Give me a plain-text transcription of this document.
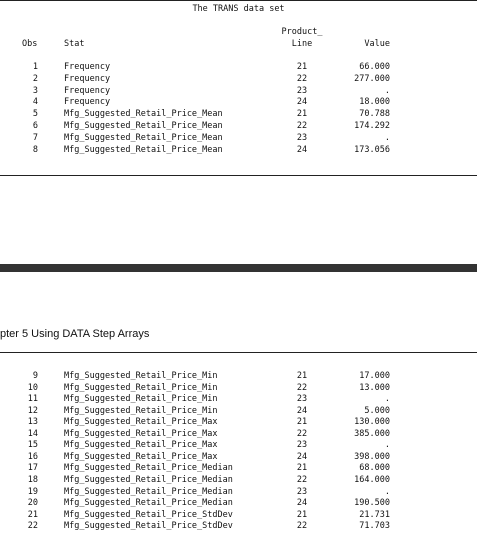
The TRANS data set
Obs	Stat
Product_
Line	Value
1	Frequency	21	66.000
2	Frequency	22	277.000
3	Frequency	23	.
4	Frequency	24	18.000
5	Mfg_Suggested_Retail_Price_Mean	21	70.788
6	Mfg_Suggested_Retail_Price_Mean	22	174.292
7	Mfg_Suggested_Retail_Price_Mean	23	.
8	Mfg_Suggested_Retail_Price_Mean	24	173.056
pter 5 Using DATA Step Arrays
9	Mfg_Suggested_Retail_Price_Min	21	17.000
10	Mfg_Suggested_Retail_Price_Min	22	13.000
11	Mfg_Suggested_Retail_Price_Min	23	.
12	Mfg_Suggested_Retail_Price_Min	24	5.000
13	Mfg_Suggested_Retail_Price_Max	21	130.000
14	Mfg_Suggested_Retail_Price_Max	22	385.000
15	Mfg_Suggested_Retail_Price_Max	23	.
16	Mfg_Suggested_Retail_Price_Max	24	398.000
17	Mfg_Suggested_Retail_Price_Median	21	68.000
18	Mfg_Suggested_Retail_Price_Median	22	164.000
19	Mfg_Suggested_Retail_Price_Median	23	.
20	Mfg_Suggested_Retail_Price_Median	24	190.500
21	Mfg_Suggested_Retail_Price_StdDev	21	21.731
22	Mfg_Suggested_Retail_Price_StdDev	22	71.703
